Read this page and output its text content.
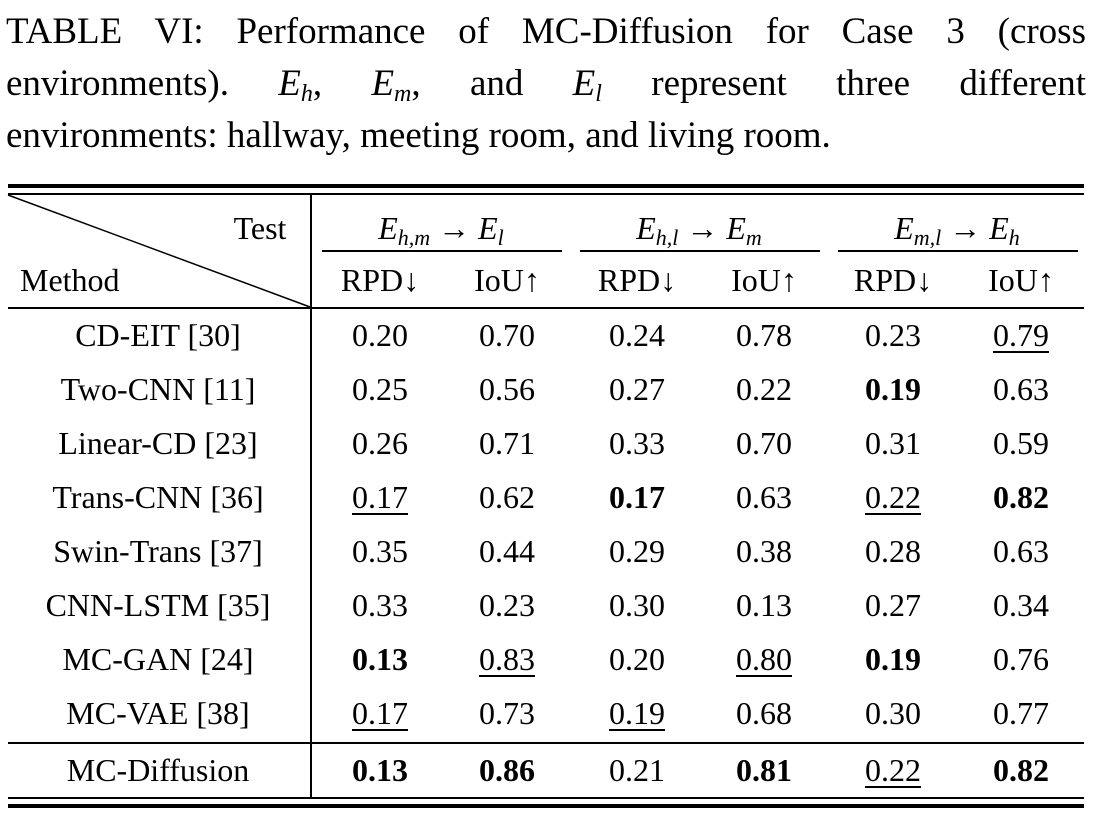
TABLE VI: Performance of MC-Diffusion for Case 3 (cross
environments). $E_h$, $E_m$, and $E_l$ represent three different
environments: hallway, meeting room, and living room.
Test
Method
$E_{h,m} \to E_l$	$E_{h,l} \to E_m$	$E_{m,l} \to E_h$
RPD↓	IoU↑	RPD↓	IoU↑	RPD↓	IoU↑
CD-EIT [30]	0.20	0.70	0.24	0.78	0.23	0.79
Two-CNN [11]	0.25	0.56	0.27	0.22	0.19	0.63
Linear-CD [23]	0.26	0.71	0.33	0.70	0.31	0.59
Trans-CNN [36]	0.17	0.62	0.17	0.63	0.22	0.82
Swin-Trans [37]	0.35	0.44	0.29	0.38	0.28	0.63
CNN-LSTM [35]	0.33	0.23	0.30	0.13	0.27	0.34
MC-GAN [24]	0.13	0.83	0.20	0.80	0.19	0.76
MC-VAE [38]	0.17	0.73	0.19	0.68	0.30	0.77
MC-Diffusion	0.13	0.86	0.21	0.81	0.22	0.82
